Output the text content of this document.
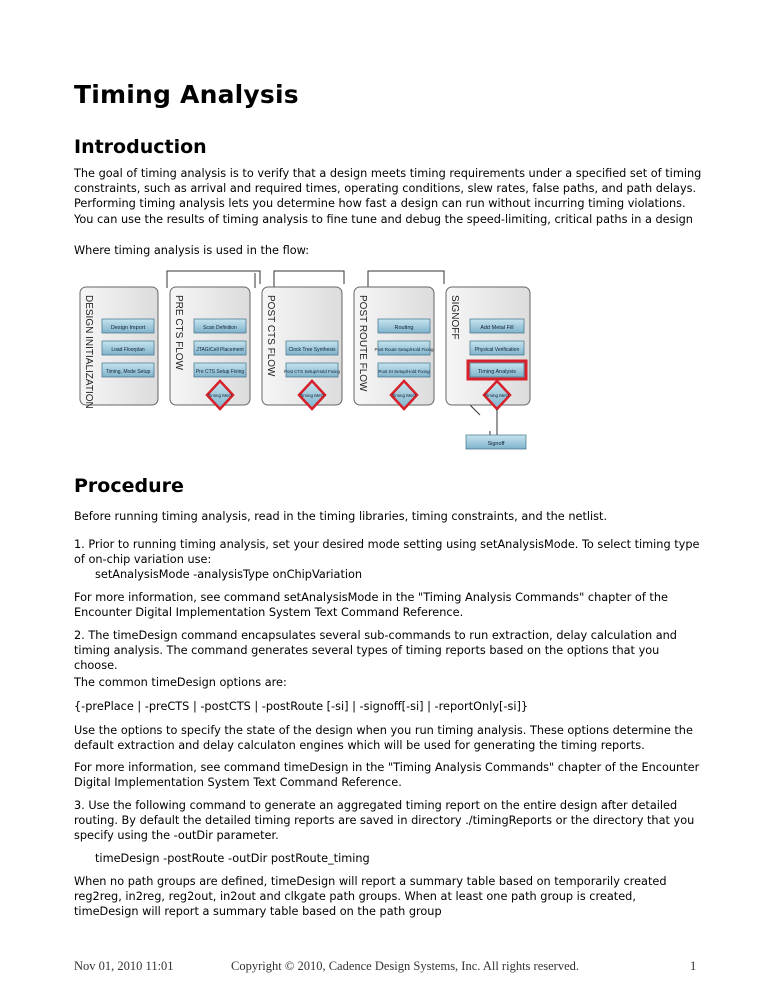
Timing Analysis
Introduction

The goal of timing analysis is to verify that a design meets timing requirements under a specified set of timing constraints, such as arrival and required times, operating conditions, slew rates, false paths, and path delays. Performing timing analysis lets you determine how fast a design can run without incurring timing violations. You can use the results of timing analysis to fine tune and debug the speed-limiting, critical paths in a design

Where timing analysis is used in the flow:

DESIGN INITIALIZATION	Design Import
Load Floorplan
Timing, Mode Setup
PRE CTS FLOW	Scan Definition
JTAG/Cell Placement
Pre CTS Setup Fixing
Timing Met?
POST CTS FLOW	Clock Tree Synthesis
Post CTS Setup/Hold Fixing
Timing Met?
POST ROUTE FLOW	Routing
Post Route Setup/Hold Fixing
Post SI Setup/Hold Fixing
Timing Met?
SIGNOFF	Add Metal Fill
Physical Verification
Timing Analysis
Timing Met?
Signoff
Procedure

Before running timing analysis, read in the timing libraries, timing constraints, and the netlist.

1. Prior to running timing analysis, set your desired mode setting using setAnalysisMode. To select timing type of on-chip variation use:

setAnalysisMode -analysisType onChipVariation

For more information, see command setAnalysisMode in the "Timing Analysis Commands" chapter of the Encounter Digital Implementation System Text Command Reference.

2. The timeDesign command encapsulates several sub-commands to run extraction, delay calculation and timing analysis. The command generates several types of timing reports based on the options that you choose.

The common timeDesign options are:

{-prePlace | -preCTS | -postCTS | -postRoute [-si] | -signoff[-si] | -reportOnly[-si]}

Use the options to specify the state of the design when you run timing analysis. These options determine the default extraction and delay calculaton engines which will be used for generating the timing reports.

For more information, see command timeDesign in the "Timing Analysis Commands" chapter of the Encounter Digital Implementation System Text Command Reference.

3. Use the following command to generate an aggregated timing report on the entire design after detailed routing. By default the detailed timing reports are saved in directory ./timingReports or the directory that you specify using the -outDir parameter.

timeDesign -postRoute -outDir postRoute_timing

When no path groups are defined, timeDesign will report a summary table based on temporarily created reg2reg, in2reg, reg2out, in2out and clkgate path groups. When at least one path group is created, timeDesign will report a summary table based on the path group

Nov 01, 2010 11:01	Copyright © 2010, Cadence Design Systems, Inc. All rights reserved.	1
